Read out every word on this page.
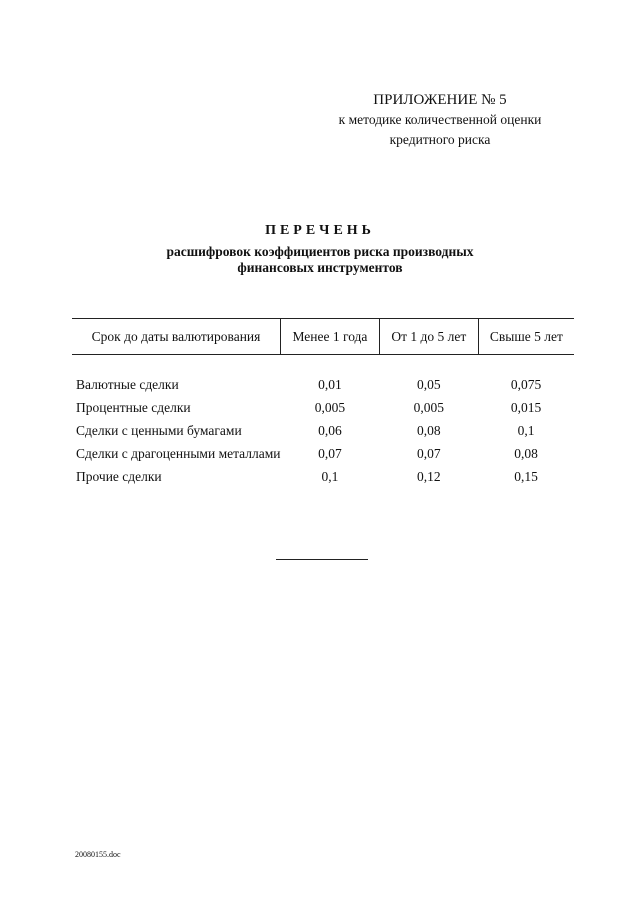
ПРИЛОЖЕНИЕ № 5
к методике количественной оценки
кредитного риска
ПЕРЕЧЕНЬ
расшифровок коэффициентов риска производных
финансовых инструментов
Срок до даты валютирования	Менее 1 года	От 1 до 5 лет	Свыше 5 лет

Валютные сделки	0,01	0,05	0,075
Процентные сделки	0,005	0,005	0,015
Сделки с ценными бумагами	0,06	0,08	0,1
Сделки с драгоценными металлами	0,07	0,07	0,08
Прочие сделки	0,1	0,12	0,15
20080155.doc
